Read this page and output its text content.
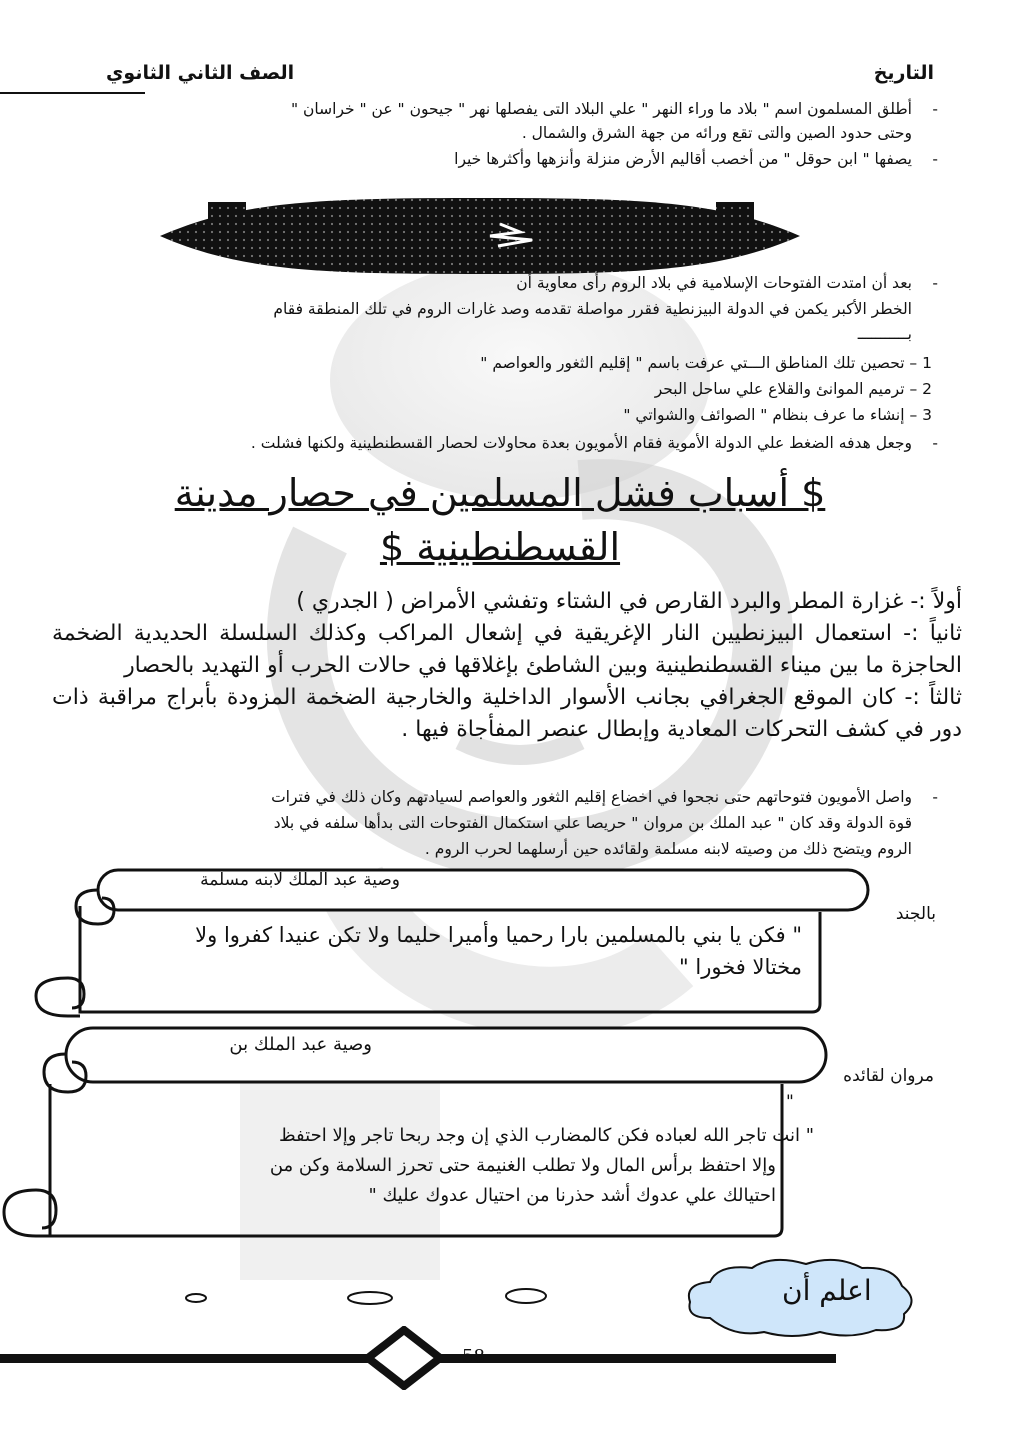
التاريخ
الصف الثاني الثانوي
-
أطلق المسلمون اسم " بلاد ما وراء النهر " علي البلاد التى يفصلها نهر " جيحون " عن " خراسان "
وحتى حدود الصين والتى تقع ورائه من جهة الشرق والشمال .
-
يصفها " ابن حوقل " من أخصب أقاليم الأرض منزلة وأنزهها وأكثرها خيرا
-
بعد أن امتدت الفتوحات الإسلامية في بلاد الروم رأى معاوية أن
الخطر الأكبر يكمن في الدولة البيزنطية فقرر مواصلة تقدمه وصد غارات الروم في تلك المنطقة فقام
بـــــــــــ
1 – تحصين تلك المناطق الـــتي عرفت باسم " إقليم الثغور والعواصم "
2 – ترميم الموانئ والقلاع علي ساحل البحر
3 – إنشاء ما عرف بنظام " الصوائف والشواتي "
-
وجعل هدفه الضغط علي الدولة الأموية فقام الأمويون بعدة محاولات لحصار القسطنطينية ولكنها فشلت .
$ أسباب فشل المسلمين في حصار مدينة
القسطنطينية $
أولاً :- غزارة المطر والبرد القارص في الشتاء وتفشي الأمراض ( الجدري )
ثانياً :- استعمال البيزنطيين النار الإغريقية في إشعال المراكب وكذلك السلسلة الحديدية الضخمة الحاجزة ما بين ميناء القسطنطينية وبين الشاطئ بإغلاقها في حالات الحرب أو التهديد بالحصار
ثالثاً :- كان الموقع الجغرافي بجانب الأسوار الداخلية والخارجية الضخمة المزودة بأبراج مراقبة ذات دور في كشف التحركات المعادية وإبطال عنصر المفأجاة فيها .
-
واصل الأمويون فتوحاتهم حتى نجحوا في اخضاع إقليم الثغور والعواصم لسيادتهم وكان ذلك في فترات
قوة الدولة وقد كان " عبد الملك بن مروان " حريصا علي استكمال الفتوحات التى بدأها سلفه في بلاد
الروم ويتضح ذلك من وصيته لابنه مسلمة ولقائده حين أرسلهما لحرب الروم .
وصية عبد الملك لابنه مسلمة
بالجند
" فكن يا بني بالمسلمين بارا رحميا وأميرا حليما ولا تكن عنيدا كفروا ولا
مختالا فخورا "
وصية عبد الملك بن
مروان لقائده
"
" انت تاجر الله لعباده فكن كالمضارب الذي إن وجد ربحا تاجر وإلا احتفظ
وإلا احتفظ برأس المال ولا تطلب الغنيمة حتى تحرز السلامة وكن من
احتيالك علي عدوك أشد حذرنا من احتيال عدوك عليك "
اعلم أن
58
